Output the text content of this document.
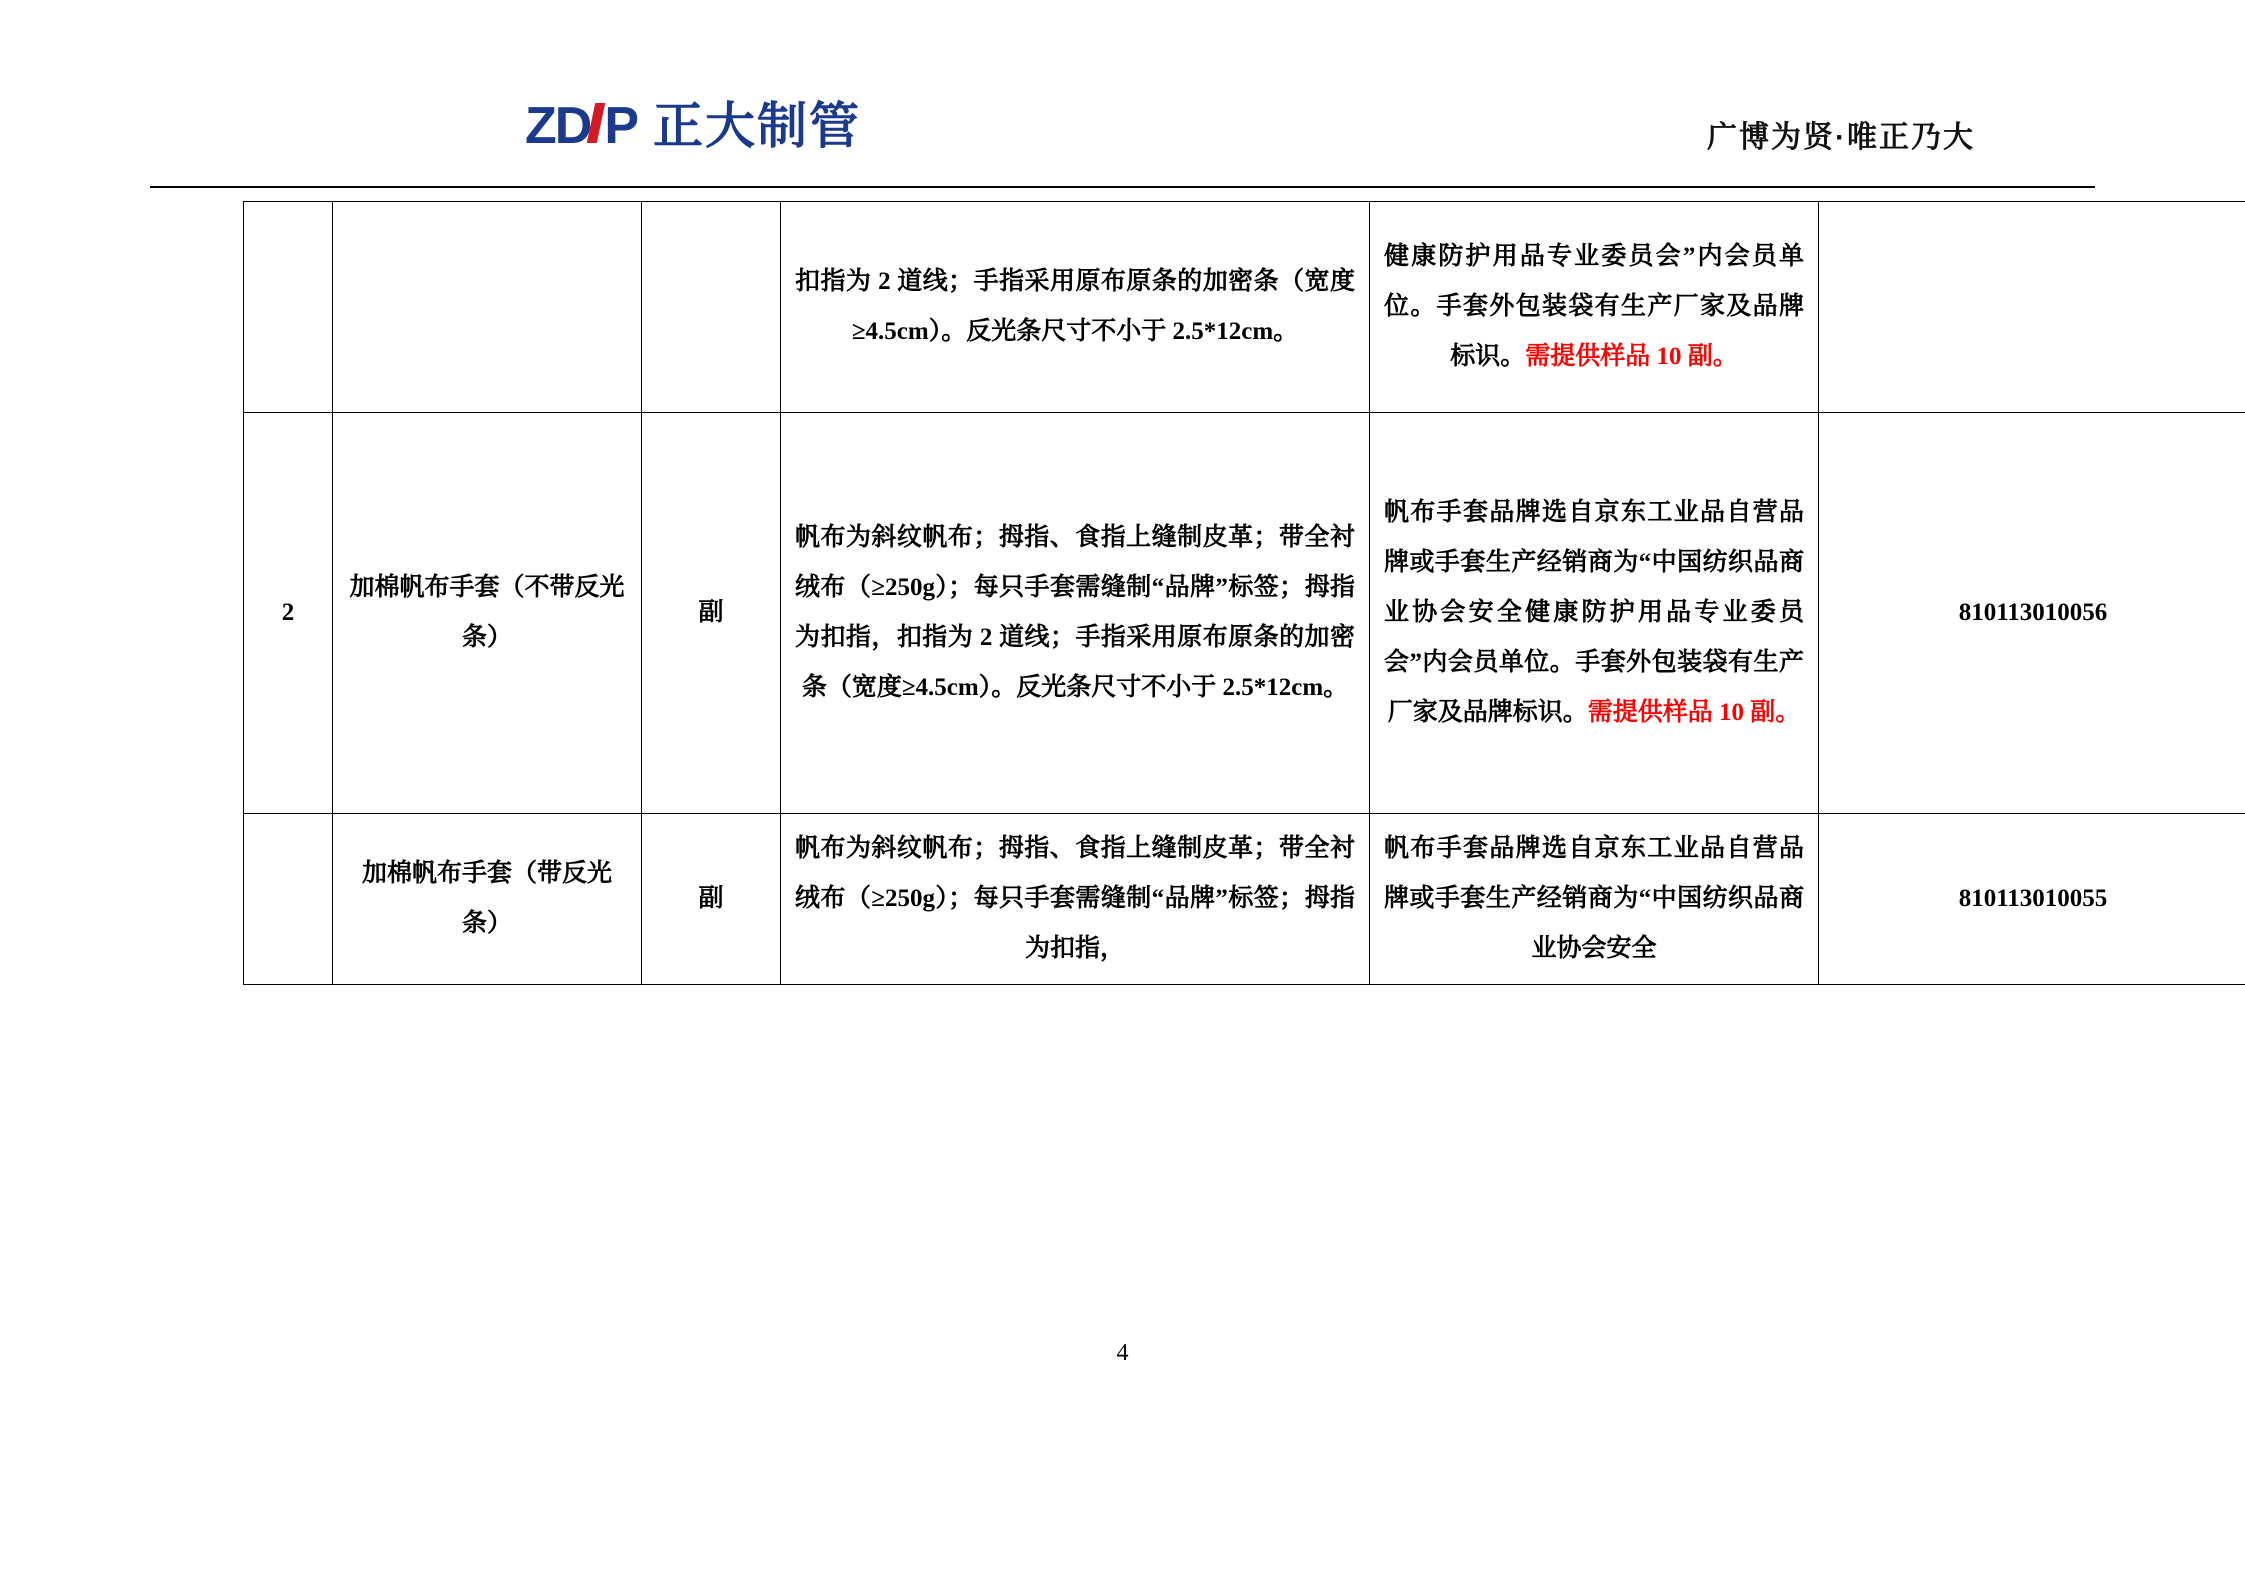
ZD P 正大制管	广博为贤·唯正乃大

			扣指为 2 道线；手指采用原布原条的加密条（宽度≥4.5cm）。反光条尺寸不小于 2.5*12cm。	健康防护用品专业委员会”内会员单位。手套外包装袋有生产厂家及品牌标识。需提供样品 10 副。	
2	加棉帆布手套（不带反光条）	副	帆布为斜纹帆布；拇指、食指上缝制皮革；带全衬绒布（≥250g）；每只手套需缝制“品牌”标签；拇指为扣指，扣指为 2 道线；手指采用原布原条的加密条（宽度≥4.5cm）。反光条尺寸不小于 2.5*12cm。	帆布手套品牌选自京东工业品自营品牌或手套生产经销商为“中国纺织品商业协会安全健康防护用品专业委员会”内会员单位。手套外包装袋有生产厂家及品牌标识。需提供样品 10 副。	810113010056
	加棉帆布手套（带反光条）	副	帆布为斜纹帆布；拇指、食指上缝制皮革；带全衬绒布（≥250g）；每只手套需缝制“品牌”标签；拇指为扣指，	帆布手套品牌选自京东工业品自营品牌或手套生产经销商为“中国纺织品商业协会安全	810113010055
4
